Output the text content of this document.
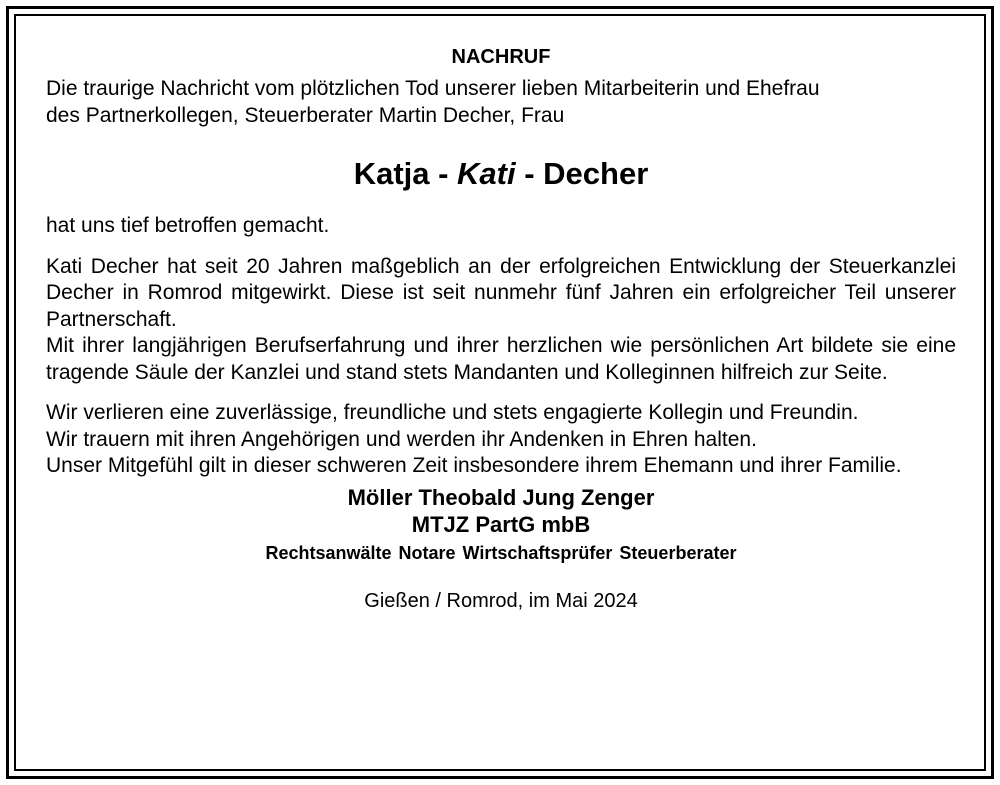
NACHRUF

Die traurige Nachricht vom plötzlichen Tod unserer lieben Mitarbeiterin und Ehefrau

des Partnerkollegen, Steuerberater Martin Decher, Frau

Katja - Kati - Decher

hat uns tief betroffen gemacht.

Kati Decher hat seit 20 Jahren maßgeblich an der erfolgreichen Entwicklung der Steuerkanzlei Decher in Romrod mitgewirkt. Diese ist seit nunmehr fünf Jahren ein erfolgreicher Teil unserer Partnerschaft.

Mit ihrer langjährigen Berufserfahrung und ihrer herzlichen wie persönlichen Art bildete sie eine tragende Säule der Kanzlei und stand stets Mandanten und Kolleginnen hilfreich zur Seite.

Wir verlieren eine zuverlässige, freundliche und stets engagierte Kollegin und Freundin.

Wir trauern mit ihren Angehörigen und werden ihr Andenken in Ehren halten.

Unser Mitgefühl gilt in dieser schweren Zeit insbesondere ihrem Ehemann und ihrer Familie.

Möller Theobald Jung Zenger

MTJZ PartG mbB

Rechtsanwälte Notare Wirtschaftsprüfer Steuerberater

Gießen / Romrod, im Mai 2024
